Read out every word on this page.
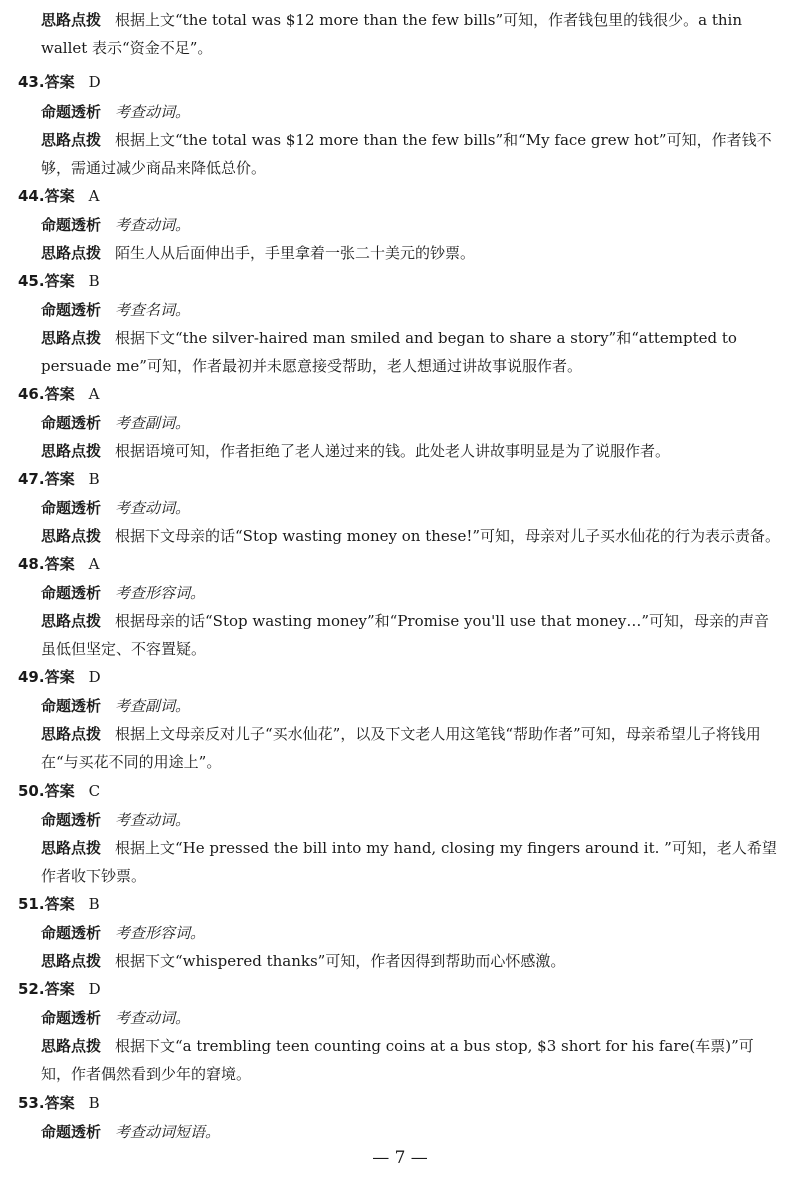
思路点拨 根据上文“the total was $12 more than the few bills”可知，作者钱包里的钱很少。a thin wallet 表示“资金不足”。
43.答案 D
命题透析 考查动词。
思路点拨 根据上文“the total was $12 more than the few bills”和“My face grew hot”可知，作者钱不够，需通过减少商品来降低总价。
44.答案 A
命题透析 考查动词。
思路点拨 陌生人从后面伸出手，手里拿着一张二十美元的钞票。
45.答案 B
命题透析 考查名词。
思路点拨 根据下文“the silver-haired man smiled and began to share a story”和“attempted to persuade me”可知，作者最初并未愿意接受帮助，老人想通过讲故事说服作者。
46.答案 A
命题透析 考查副词。
思路点拨 根据语境可知，作者拒绝了老人递过来的钱。此处老人讲故事明显是为了说服作者。
47.答案 B
命题透析 考查动词。
思路点拨 根据下文母亲的话“Stop wasting money on these!”可知，母亲对儿子买水仙花的行为表示责备。
48.答案 A
命题透析 考查形容词。
思路点拨 根据母亲的话“Stop wasting money”和“Promise you'll use that money…”可知，母亲的声音虽低但坚定、不容置疑。
49.答案 D
命题透析 考查副词。
思路点拨 根据上文母亲反对儿子“买水仙花”，以及下文老人用这笔钱“帮助作者”可知，母亲希望儿子将钱用在“与买花不同的用途上”。
50.答案 C
命题透析 考查动词。
思路点拨 根据上文“He pressed the bill into my hand, closing my fingers around it. ”可知，老人希望作者收下钞票。
51.答案 B
命题透析 考查形容词。
思路点拨 根据下文“whispered thanks”可知，作者因得到帮助而心怀感激。
52.答案 D
命题透析 考查动词。
思路点拨 根据下文“a trembling teen counting coins at a bus stop, $3 short for his fare(车票)”可知，作者偶然看到少年的窘境。
53.答案 B
命题透析 考查动词短语。
— 7 —
